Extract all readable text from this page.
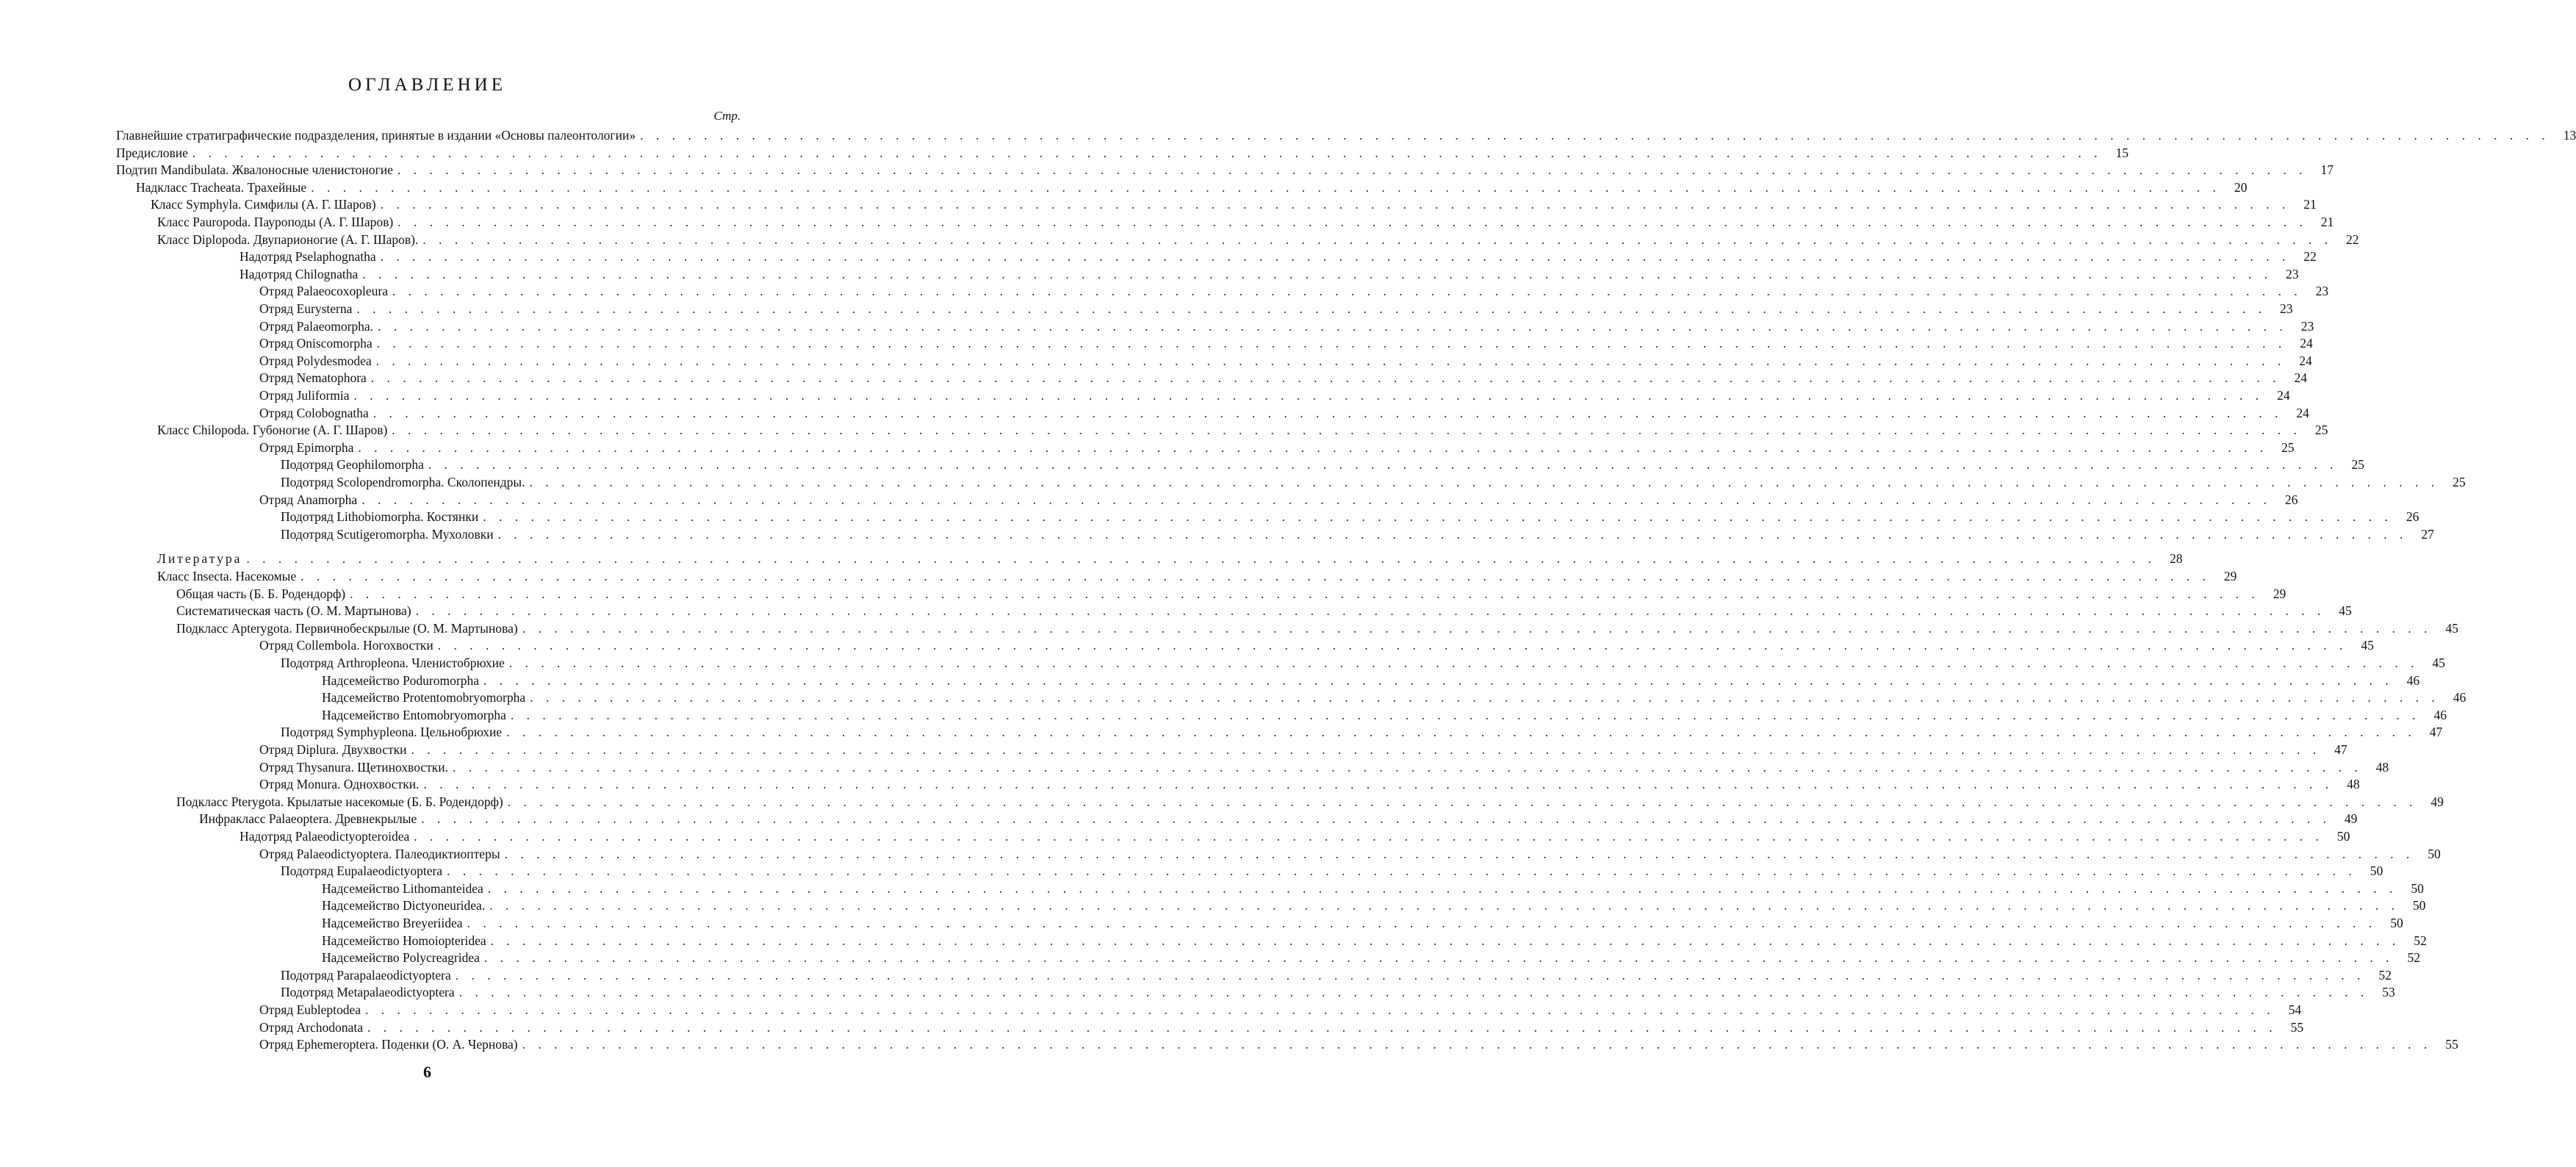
ОГЛАВЛЕНИЕ
Стр.
Главнейшие стратиграфические подразделения, принятые в издании «Основы палеонтологии» . . . . . . . . . . . . . . . . . . . . . . . . . . . . . . . . . . . . . . . . . . . . . . . . . . . . . . . . . . . . . . . . . . . . . . . . . . . . . . . . . . . . . . . . . . . . . . . . . . . . . . . . . . . . . . . . . . . . . . . .	13
Предисловие . . . . . . . . . . . . . . . . . . . . . . . . . . . . . . . . . . . . . . . . . . . . . . . . . . . . . . . . . . . . . . . . . . . . . . . . . . . . . . . . . . . . . . . . . . . . . . . . . . . . . . . . . . . . . . . . . . . . . . . .	15
Подтип Mandibulata. Жвалоносные членистоногие . . . . . . . . . . . . . . . . . . . . . . . . . . . . . . . . . . . . . . . . . . . . . . . . . . . . . . . . . . . . . . . . . . . . . . . . . . . . . . . . . . . . . . . . . . . . . . . . . . . . . . . . . . . . . . . . . . . . . . . .	17
Надкласс Tracheata. Трахейные . . . . . . . . . . . . . . . . . . . . . . . . . . . . . . . . . . . . . . . . . . . . . . . . . . . . . . . . . . . . . . . . . . . . . . . . . . . . . . . . . . . . . . . . . . . . . . . . . . . . . . . . . . . . . . . . . . . . . . . .	20
Класс Symphyla. Симфилы (А. Г. Шаров) . . . . . . . . . . . . . . . . . . . . . . . . . . . . . . . . . . . . . . . . . . . . . . . . . . . . . . . . . . . . . . . . . . . . . . . . . . . . . . . . . . . . . . . . . . . . . . . . . . . . . . . . . . . . . . . . . . . . . . . .	21
Класс Pauropoda. Пауроподы (А. Г. Шаров) . . . . . . . . . . . . . . . . . . . . . . . . . . . . . . . . . . . . . . . . . . . . . . . . . . . . . . . . . . . . . . . . . . . . . . . . . . . . . . . . . . . . . . . . . . . . . . . . . . . . . . . . . . . . . . . . . . . . . . . .	21
Класс Diplopoda. Двупарионогие (А. Г. Шаров). . . . . . . . . . . . . . . . . . . . . . . . . . . . . . . . . . . . . . . . . . . . . . . . . . . . . . . . . . . . . . . . . . . . . . . . . . . . . . . . . . . . . . . . . . . . . . . . . . . . . . . . . . . . . . . . . . . . . . . . .	22
Надотряд Pselaphognatha . . . . . . . . . . . . . . . . . . . . . . . . . . . . . . . . . . . . . . . . . . . . . . . . . . . . . . . . . . . . . . . . . . . . . . . . . . . . . . . . . . . . . . . . . . . . . . . . . . . . . . . . . . . . . . . . . . . . . . . .	22
Надотряд Chilognatha . . . . . . . . . . . . . . . . . . . . . . . . . . . . . . . . . . . . . . . . . . . . . . . . . . . . . . . . . . . . . . . . . . . . . . . . . . . . . . . . . . . . . . . . . . . . . . . . . . . . . . . . . . . . . . . . . . . . . . . .	23
Отряд Palaeocoxopleura . . . . . . . . . . . . . . . . . . . . . . . . . . . . . . . . . . . . . . . . . . . . . . . . . . . . . . . . . . . . . . . . . . . . . . . . . . . . . . . . . . . . . . . . . . . . . . . . . . . . . . . . . . . . . . . . . . . . . . . .	23
Отряд Eurysterna . . . . . . . . . . . . . . . . . . . . . . . . . . . . . . . . . . . . . . . . . . . . . . . . . . . . . . . . . . . . . . . . . . . . . . . . . . . . . . . . . . . . . . . . . . . . . . . . . . . . . . . . . . . . . . . . . . . . . . . .	23
Отряд Palaeomorpha. . . . . . . . . . . . . . . . . . . . . . . . . . . . . . . . . . . . . . . . . . . . . . . . . . . . . . . . . . . . . . . . . . . . . . . . . . . . . . . . . . . . . . . . . . . . . . . . . . . . . . . . . . . . . . . . . . . . . . . . .	23
Отряд Oniscomorpha . . . . . . . . . . . . . . . . . . . . . . . . . . . . . . . . . . . . . . . . . . . . . . . . . . . . . . . . . . . . . . . . . . . . . . . . . . . . . . . . . . . . . . . . . . . . . . . . . . . . . . . . . . . . . . . . . . . . . . . .	24
Отряд Polydesmodea . . . . . . . . . . . . . . . . . . . . . . . . . . . . . . . . . . . . . . . . . . . . . . . . . . . . . . . . . . . . . . . . . . . . . . . . . . . . . . . . . . . . . . . . . . . . . . . . . . . . . . . . . . . . . . . . . . . . . . . .	24
Отряд Nematophora . . . . . . . . . . . . . . . . . . . . . . . . . . . . . . . . . . . . . . . . . . . . . . . . . . . . . . . . . . . . . . . . . . . . . . . . . . . . . . . . . . . . . . . . . . . . . . . . . . . . . . . . . . . . . . . . . . . . . . . .	24
Отряд Juliformia . . . . . . . . . . . . . . . . . . . . . . . . . . . . . . . . . . . . . . . . . . . . . . . . . . . . . . . . . . . . . . . . . . . . . . . . . . . . . . . . . . . . . . . . . . . . . . . . . . . . . . . . . . . . . . . . . . . . . . . .	24
Отряд Colobognatha . . . . . . . . . . . . . . . . . . . . . . . . . . . . . . . . . . . . . . . . . . . . . . . . . . . . . . . . . . . . . . . . . . . . . . . . . . . . . . . . . . . . . . . . . . . . . . . . . . . . . . . . . . . . . . . . . . . . . . . .	24
Класс Chilopoda. Губоногие (А. Г. Шаров) . . . . . . . . . . . . . . . . . . . . . . . . . . . . . . . . . . . . . . . . . . . . . . . . . . . . . . . . . . . . . . . . . . . . . . . . . . . . . . . . . . . . . . . . . . . . . . . . . . . . . . . . . . . . . . . . . . . . . . . .	25
Отряд Epimorpha . . . . . . . . . . . . . . . . . . . . . . . . . . . . . . . . . . . . . . . . . . . . . . . . . . . . . . . . . . . . . . . . . . . . . . . . . . . . . . . . . . . . . . . . . . . . . . . . . . . . . . . . . . . . . . . . . . . . . . . .	25
Подотряд Geophilomorpha . . . . . . . . . . . . . . . . . . . . . . . . . . . . . . . . . . . . . . . . . . . . . . . . . . . . . . . . . . . . . . . . . . . . . . . . . . . . . . . . . . . . . . . . . . . . . . . . . . . . . . . . . . . . . . . . . . . . . . . .	25
Подотряд Scolopendromorpha. Сколопендры. . . . . . . . . . . . . . . . . . . . . . . . . . . . . . . . . . . . . . . . . . . . . . . . . . . . . . . . . . . . . . . . . . . . . . . . . . . . . . . . . . . . . . . . . . . . . . . . . . . . . . . . . . . . . . . . . . . . . . . . .	25
Отряд Anamorpha . . . . . . . . . . . . . . . . . . . . . . . . . . . . . . . . . . . . . . . . . . . . . . . . . . . . . . . . . . . . . . . . . . . . . . . . . . . . . . . . . . . . . . . . . . . . . . . . . . . . . . . . . . . . . . . . . . . . . . . .	26
Подотряд Lithobiomorpha. Костянки . . . . . . . . . . . . . . . . . . . . . . . . . . . . . . . . . . . . . . . . . . . . . . . . . . . . . . . . . . . . . . . . . . . . . . . . . . . . . . . . . . . . . . . . . . . . . . . . . . . . . . . . . . . . . . . . . . . . . . . .	26
Подотряд Scutigeromorpha. Мухоловки . . . . . . . . . . . . . . . . . . . . . . . . . . . . . . . . . . . . . . . . . . . . . . . . . . . . . . . . . . . . . . . . . . . . . . . . . . . . . . . . . . . . . . . . . . . . . . . . . . . . . . . . . . . . . . . . . . . . . . . .	27
Литература . . . . . . . . . . . . . . . . . . . . . . . . . . . . . . . . . . . . . . . . . . . . . . . . . . . . . . . . . . . . . . . . . . . . . . . . . . . . . . . . . . . . . . . . . . . . . . . . . . . . . . . . . . . . . . . . . . . . . . . .	28
Класс Insecta. Насекомые . . . . . . . . . . . . . . . . . . . . . . . . . . . . . . . . . . . . . . . . . . . . . . . . . . . . . . . . . . . . . . . . . . . . . . . . . . . . . . . . . . . . . . . . . . . . . . . . . . . . . . . . . . . . . . . . . . . . . . . .	29
Общая часть (Б. Б. Родендорф) . . . . . . . . . . . . . . . . . . . . . . . . . . . . . . . . . . . . . . . . . . . . . . . . . . . . . . . . . . . . . . . . . . . . . . . . . . . . . . . . . . . . . . . . . . . . . . . . . . . . . . . . . . . . . . . . . . . . . . . .	29
Систематическая часть (О. М. Мартынова) . . . . . . . . . . . . . . . . . . . . . . . . . . . . . . . . . . . . . . . . . . . . . . . . . . . . . . . . . . . . . . . . . . . . . . . . . . . . . . . . . . . . . . . . . . . . . . . . . . . . . . . . . . . . . . . . . . . . . . . .	45
Подкласс Apterygota. Первичнобескрылые (О. М. Мартынова) . . . . . . . . . . . . . . . . . . . . . . . . . . . . . . . . . . . . . . . . . . . . . . . . . . . . . . . . . . . . . . . . . . . . . . . . . . . . . . . . . . . . . . . . . . . . . . . . . . . . . . . . . . . . . . . . . . . . . . . .	45
Отряд Collembola. Ногохвостки . . . . . . . . . . . . . . . . . . . . . . . . . . . . . . . . . . . . . . . . . . . . . . . . . . . . . . . . . . . . . . . . . . . . . . . . . . . . . . . . . . . . . . . . . . . . . . . . . . . . . . . . . . . . . . . . . . . . . . . .	45
Подотряд Arthropleona. Членистобрюхие . . . . . . . . . . . . . . . . . . . . . . . . . . . . . . . . . . . . . . . . . . . . . . . . . . . . . . . . . . . . . . . . . . . . . . . . . . . . . . . . . . . . . . . . . . . . . . . . . . . . . . . . . . . . . . . . . . . . . . . .	45
Надсемейство Poduromorpha . . . . . . . . . . . . . . . . . . . . . . . . . . . . . . . . . . . . . . . . . . . . . . . . . . . . . . . . . . . . . . . . . . . . . . . . . . . . . . . . . . . . . . . . . . . . . . . . . . . . . . . . . . . . . . . . . . . . . . . .	46
Надсемейство Protentomobryomorpha . . . . . . . . . . . . . . . . . . . . . . . . . . . . . . . . . . . . . . . . . . . . . . . . . . . . . . . . . . . . . . . . . . . . . . . . . . . . . . . . . . . . . . . . . . . . . . . . . . . . . . . . . . . . . . . . . . . . . . . .	46
Надсемейство Entomobryomorpha . . . . . . . . . . . . . . . . . . . . . . . . . . . . . . . . . . . . . . . . . . . . . . . . . . . . . . . . . . . . . . . . . . . . . . . . . . . . . . . . . . . . . . . . . . . . . . . . . . . . . . . . . . . . . . . . . . . . . . . .	46
Подотряд Symphypleona. Цельнобрюхие . . . . . . . . . . . . . . . . . . . . . . . . . . . . . . . . . . . . . . . . . . . . . . . . . . . . . . . . . . . . . . . . . . . . . . . . . . . . . . . . . . . . . . . . . . . . . . . . . . . . . . . . . . . . . . . . . . . . . . . .	47
Отряд Diplura. Двухвостки . . . . . . . . . . . . . . . . . . . . . . . . . . . . . . . . . . . . . . . . . . . . . . . . . . . . . . . . . . . . . . . . . . . . . . . . . . . . . . . . . . . . . . . . . . . . . . . . . . . . . . . . . . . . . . . . . . . . . . . .	47
Отряд Thysanura. Щетинохвостки. . . . . . . . . . . . . . . . . . . . . . . . . . . . . . . . . . . . . . . . . . . . . . . . . . . . . . . . . . . . . . . . . . . . . . . . . . . . . . . . . . . . . . . . . . . . . . . . . . . . . . . . . . . . . . . . . . . . . . . . .	48
Отряд Monura. Однохвостки. . . . . . . . . . . . . . . . . . . . . . . . . . . . . . . . . . . . . . . . . . . . . . . . . . . . . . . . . . . . . . . . . . . . . . . . . . . . . . . . . . . . . . . . . . . . . . . . . . . . . . . . . . . . . . . . . . . . . . . . .	48
Подкласс Pterygota. Крылатые насекомые (Б. Б. Родендорф) . . . . . . . . . . . . . . . . . . . . . . . . . . . . . . . . . . . . . . . . . . . . . . . . . . . . . . . . . . . . . . . . . . . . . . . . . . . . . . . . . . . . . . . . . . . . . . . . . . . . . . . . . . . . . . . . . . . . . . . .	49
Инфракласс Palaeoptera. Древнекрылые . . . . . . . . . . . . . . . . . . . . . . . . . . . . . . . . . . . . . . . . . . . . . . . . . . . . . . . . . . . . . . . . . . . . . . . . . . . . . . . . . . . . . . . . . . . . . . . . . . . . . . . . . . . . . . . . . . . . . . . .	49
Надотряд Palaeodictyopteroidea . . . . . . . . . . . . . . . . . . . . . . . . . . . . . . . . . . . . . . . . . . . . . . . . . . . . . . . . . . . . . . . . . . . . . . . . . . . . . . . . . . . . . . . . . . . . . . . . . . . . . . . . . . . . . . . . . . . . . . . .	50
Отряд Palaeodictyoptera. Палеодиктиоптеры . . . . . . . . . . . . . . . . . . . . . . . . . . . . . . . . . . . . . . . . . . . . . . . . . . . . . . . . . . . . . . . . . . . . . . . . . . . . . . . . . . . . . . . . . . . . . . . . . . . . . . . . . . . . . . . . . . . . . . . .	50
Подотряд Eupalaeodictyoptera . . . . . . . . . . . . . . . . . . . . . . . . . . . . . . . . . . . . . . . . . . . . . . . . . . . . . . . . . . . . . . . . . . . . . . . . . . . . . . . . . . . . . . . . . . . . . . . . . . . . . . . . . . . . . . . . . . . . . . . .	50
Надсемейство Lithomanteidea . . . . . . . . . . . . . . . . . . . . . . . . . . . . . . . . . . . . . . . . . . . . . . . . . . . . . . . . . . . . . . . . . . . . . . . . . . . . . . . . . . . . . . . . . . . . . . . . . . . . . . . . . . . . . . . . . . . . . . . .	50
Надсемейство Dictyoneuridea. . . . . . . . . . . . . . . . . . . . . . . . . . . . . . . . . . . . . . . . . . . . . . . . . . . . . . . . . . . . . . . . . . . . . . . . . . . . . . . . . . . . . . . . . . . . . . . . . . . . . . . . . . . . . . . . . . . . . . . . .	50
Надсемейство Breyeriidea . . . . . . . . . . . . . . . . . . . . . . . . . . . . . . . . . . . . . . . . . . . . . . . . . . . . . . . . . . . . . . . . . . . . . . . . . . . . . . . . . . . . . . . . . . . . . . . . . . . . . . . . . . . . . . . . . . . . . . . .	50
Надсемейство Homoiopteridea . . . . . . . . . . . . . . . . . . . . . . . . . . . . . . . . . . . . . . . . . . . . . . . . . . . . . . . . . . . . . . . . . . . . . . . . . . . . . . . . . . . . . . . . . . . . . . . . . . . . . . . . . . . . . . . . . . . . . . . .	52
Надсемейство Polycreagridea . . . . . . . . . . . . . . . . . . . . . . . . . . . . . . . . . . . . . . . . . . . . . . . . . . . . . . . . . . . . . . . . . . . . . . . . . . . . . . . . . . . . . . . . . . . . . . . . . . . . . . . . . . . . . . . . . . . . . . . .	52
Подотряд Parapalaeodictyoptera . . . . . . . . . . . . . . . . . . . . . . . . . . . . . . . . . . . . . . . . . . . . . . . . . . . . . . . . . . . . . . . . . . . . . . . . . . . . . . . . . . . . . . . . . . . . . . . . . . . . . . . . . . . . . . . . . . . . . . . .	52
Подотряд Metapalaeodictyoptera . . . . . . . . . . . . . . . . . . . . . . . . . . . . . . . . . . . . . . . . . . . . . . . . . . . . . . . . . . . . . . . . . . . . . . . . . . . . . . . . . . . . . . . . . . . . . . . . . . . . . . . . . . . . . . . . . . . . . . . .	53
Отряд Eubleptodea . . . . . . . . . . . . . . . . . . . . . . . . . . . . . . . . . . . . . . . . . . . . . . . . . . . . . . . . . . . . . . . . . . . . . . . . . . . . . . . . . . . . . . . . . . . . . . . . . . . . . . . . . . . . . . . . . . . . . . . .	54
Отряд Archodonata . . . . . . . . . . . . . . . . . . . . . . . . . . . . . . . . . . . . . . . . . . . . . . . . . . . . . . . . . . . . . . . . . . . . . . . . . . . . . . . . . . . . . . . . . . . . . . . . . . . . . . . . . . . . . . . . . . . . . . . .	55
Отряд Ephemeroptera. Поденки (О. А. Чернова) . . . . . . . . . . . . . . . . . . . . . . . . . . . . . . . . . . . . . . . . . . . . . . . . . . . . . . . . . . . . . . . . . . . . . . . . . . . . . . . . . . . . . . . . . . . . . . . . . . . . . . . . . . . . . . . . . . . . . . . .	55
6
